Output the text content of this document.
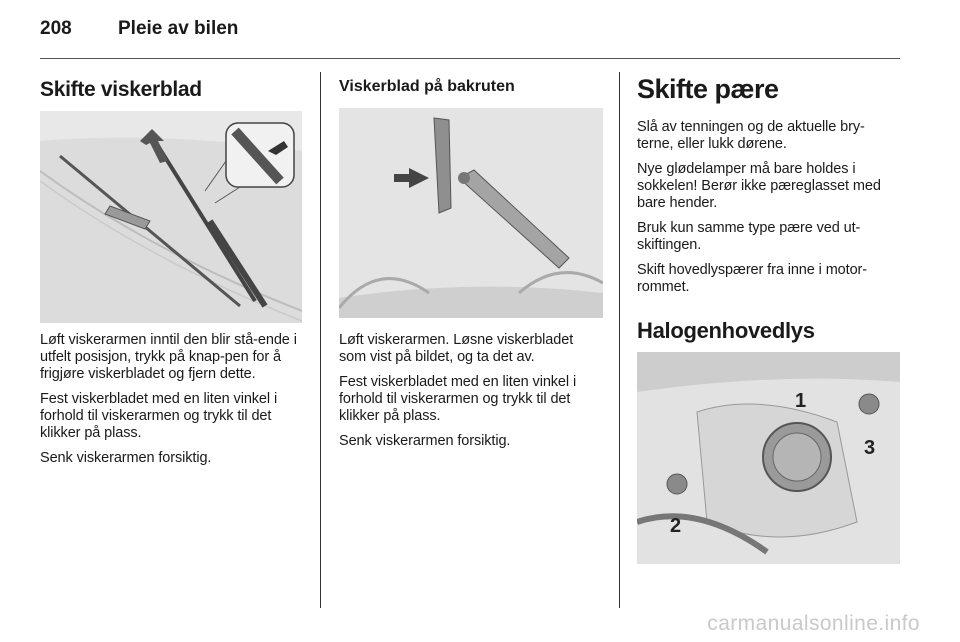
208 Pleie av bilen
Skifte viskerblad

Løft viskerarmen inntil den blir stå-ende i utfelt posisjon, trykk på knap-pen for å frigjøre viskerbladet og fjern dette.

Fest viskerbladet med en liten vinkel i forhold til viskerarmen og trykk til det klikker på plass.

Senk viskerarmen forsiktig.

Viskerblad på bakruten

Løft viskerarmen. Løsne viskerbladet som vist på bildet, og ta det av.

Fest viskerbladet med en liten vinkel i forhold til viskerarmen og trykk til det klikker på plass.

Senk viskerarmen forsiktig.

Skifte pære

Slå av tenningen og de aktuelle bry-terne, eller lukk dørene.

Nye glødelamper må bare holdes i sokkelen! Berør ikke pæreglasset med bare hender.

Bruk kun samme type pære ved ut-skiftingen.

Skift hovedlyspærer fra inne i motor-rommet.

Halogenhovedlys
1
2
3
carmanualsonline.info
